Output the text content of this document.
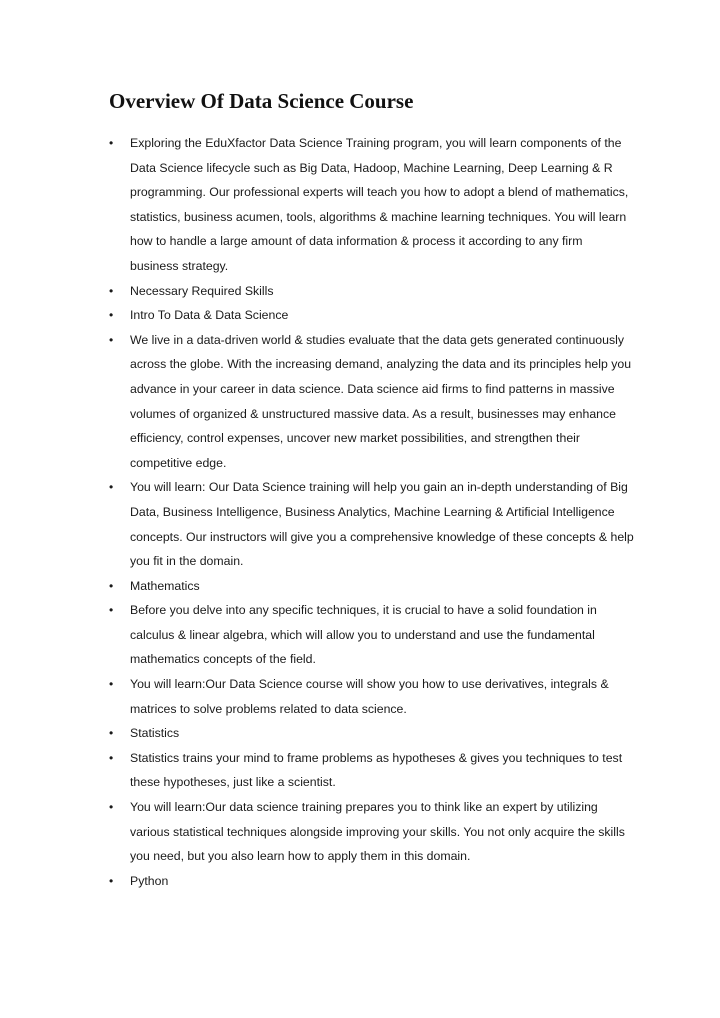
Overview Of Data Science Course
• Exploring the EduXfactor Data Science Training program, you will learn components of the
Data Science lifecycle such as Big Data, Hadoop, Machine Learning, Deep Learning & R
programming. Our professional experts will teach you how to adopt a blend of mathematics,
statistics, business acumen, tools, algorithms & machine learning techniques. You will learn
how to handle a large amount of data information & process it according to any firm
business strategy.
• Necessary Required Skills
• Intro To Data & Data Science
• We live in a data-driven world & studies evaluate that the data gets generated continuously
across the globe. With the increasing demand, analyzing the data and its principles help you
advance in your career in data science. Data science aid firms to find patterns in massive
volumes of organized & unstructured massive data. As a result, businesses may enhance
efficiency, control expenses, uncover new market possibilities, and strengthen their
competitive edge.
• You will learn: Our Data Science training will help you gain an in-depth understanding of Big
Data, Business Intelligence, Business Analytics, Machine Learning & Artificial Intelligence
concepts. Our instructors will give you a comprehensive knowledge of these concepts & help
you fit in the domain.
• Mathematics
• Before you delve into any specific techniques, it is crucial to have a solid foundation in
calculus & linear algebra, which will allow you to understand and use the fundamental
mathematics concepts of the field.
• You will learn:Our Data Science course will show you how to use derivatives, integrals &
matrices to solve problems related to data science.
• Statistics
• Statistics trains your mind to frame problems as hypotheses & gives you techniques to test
these hypotheses, just like a scientist.
• You will learn:Our data science training prepares you to think like an expert by utilizing
various statistical techniques alongside improving your skills. You not only acquire the skills
you need, but you also learn how to apply them in this domain.
• Python
